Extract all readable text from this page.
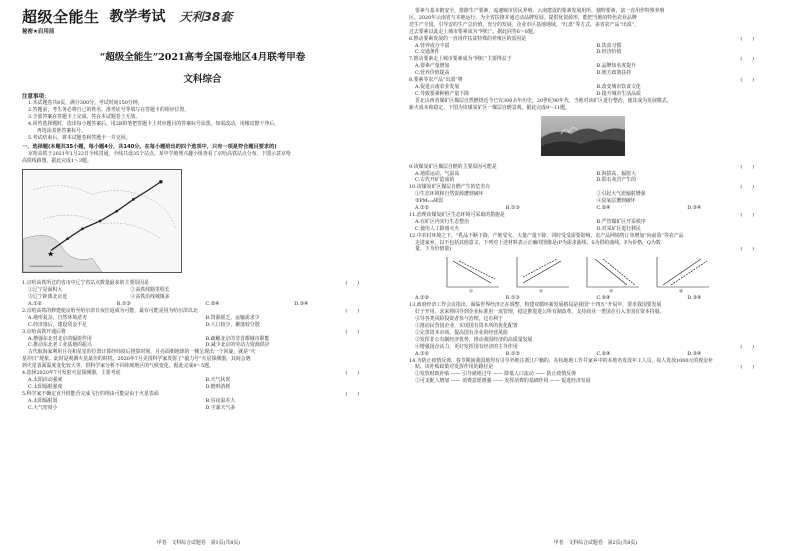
超级全能生 教学考试 天利38套
秘密★启用前
“超级全能生”2021高考全国卷地区4月联考甲卷
文科综合
注意事项：
1.本试题卷共8页，满分300分，考试时间150分钟。
2.答题前，考生务必将自己的姓名、准考证号等填写在答题卡的相应位置。
3.全部答案在答题卡上完成，答在本试题卷上无效。
4.回答选择题时，选出每小题答案后，用2B铅笔把答题卡上对应题目的答案标号涂黑。如需改动，用橡皮擦干净后，
再选涂其他答案标号。
5.考试结束后，将本试题卷和答题卡一并交回。
一、选择题(本题共35小题，每小题4分，共140分。在每小题给出的四个选项中，只有一项是符合题目要求的)
京哈高铁于2021年1月22日全线贯通，全线共设35个站点。某中学地理兴趣小组查看了京哈高铁站点分布，下图示意京哈
高铁线路图。据此完成1～3题。
★
1.京哈高铁所过的省市中辽宁省站点数量最多的主要原因是	(　　)
①辽宁是面积大	②高铁线路里程长
③辽宁距离北京近	④高铁沿线城镇多
A.①②	B.①③	C.②④	D.③④
2.京哈高铁的修建使京哈至哈尔滨日夜往返成为可能，最有可能是因为哈尔滨以北	(　　)
A.地形复杂，自然环境恶劣	B.资源匮乏，运输需求少
C.经济落后，建设资金不足	D.人口较少，聚落较分散
3.京哈高铁开通后将	(　　)
A.增强东北对北京的辐射作用	B.疏解北京的非首都城市职能
C.推动东北老工业基地的振兴	D.减少北京的劳动力资源供应
古代航海家利用月亮和星星的位置计算经纬度后推算时刻，月亮面朝地球的一侧呈现出一个回旋，就是“火
星冲日”现象。此时是观测火星最佳的时机。2020年7月美国科学家发射了“毅力号”火星探测器，其间会遇
到火星表面温度变化较大等，供科学家分析不同纬度地区的气候变化。据此完成4～5题。
4.选择2020年7月发射火星探测器，主要考虑	(　　)
A.太阳活动强度	B.天气状况
C.太阳辐射强度	D.燃料消耗
5.科学家不确定直升机能否完成飞行的理由可能是由于火星表面	(　　)
A.太阳辐射弱	B.昼夜温差大
C.大气密度小	D.尘暴天气多
甲卷　文科综合试题卷　第1页(共8页)
要素与基本链安全，排除生产要素，流速城市居民养殖、云南建设的要素发展用所，独特要素，富一直用作特殊养殖
区。2020年云南省与本地运行，为全省扶推并通过动品牌发展。提供优资源形，能把当地的特色农业品牌
送生产全国。引导安的生产总价值，充分的发展，企业市区基地地域。“红盘”等方式，多省农产品“出滇”，
过去要素以此走上城市要素成为“网红”。据此回答6～8题。
6.推动要素发展的一直用作扶贫特殊的养殖区的原因是	(　　)
A.营养成分丰富	B.饮食习惯
C.交通条件	D.经济价值
7.推动要素走上城市要素成为“网红”主要得益于	(　　)
A.要素产量增加	B.品牌知名度提升
C.营养价值提高	D.地方政策扶持
8.要素等农产品“出滇”将	(　　)
A.促进云南农业发展	B.改变城市饮食文化
C.导致要素种植产量下降	D.提升城市生活品质
晋北山西省煤矿区煤层自然燃烧近今已有300余年历史。20世纪90年代，当地对该矿区进行整治，使其成为发展模式，
新火成本和稳定，下图为该煤炭矿区一煤层自燃景观。据此完成9～11题。
9.该煤炭矿区煤层自燃的主要原因可能是	(　　)
A.地质运动、气温高	B.海拔高、辐射大
C.古代开矿造成的	D.阳石灰岩产生的
10.该煤炭矿区煤层自燃产生的危害有	(　　)
①生态环境和自然资源遭到破坏	②引起大气逆辐射增强
③PM₂.₅减弱	④臭氧层遭到破坏
A.①②	B.①③	C.②④	D.③④
11.治理该煤炭矿区生态环境可采取的措施是	(　　)
A.在矿区内实行生态整治	B.严管煤矿区开采秩序
C.使用人工降雨灭火	D.对采矿区进行移民
12.中农村环境之下，“乳品不断下降，产地受灾，大量产量下降，同时受受需要影响。农产品网销售订单增加“向前盈”等农产品
走进家乡。以不包括其他意义，下列对上述材料表示正确的图像是(P为需求曲线，S为供给曲线，P为价格，Q为数
量，下为价值量)	(　　)
①	②	③	④
A.①②	B.①③	C.②④	D.③④
13.政府经济工作会议指出，面临世界经济正在调整，构建双循环新发展格局是我国“十四五”开局年，要求我国要发展
好于开用，求来将回导到企业标准用一流管理，稳定推进进公所有制改革，支持商业一类国企引入非国有资本持股，
引导各类风险投资者参与治理，这有利于
①推动民营国企业，实现国有资本所的优化配置
②完善资本市场，提高国有企业的经营风险
③发挥非公有制经济优势，推动我国经济的高质量发展
④增强国企活力，更好发挥国有经济的主导作用	(　　)
A.①②	B.①③	C.②④	D.③④
14.为防止疫情反弹，春节期间我国地均有引导外地注浙江户籍的，在杭地地工作并家乡中的本地名发放年工人员，每人发放1000元的现金补
贴。该补贴政策对发挥作用的路径是	(　　)
①发放财政补贴 —— 引导就地过年 —— 降低人口流动 —— 防止疫情反弹
②可支配人增加 —— 消费意愿增强 —— 发挥消费的基础作用 —— 促进经济发展
甲卷　文科综合试题卷　第2页(共8页)
